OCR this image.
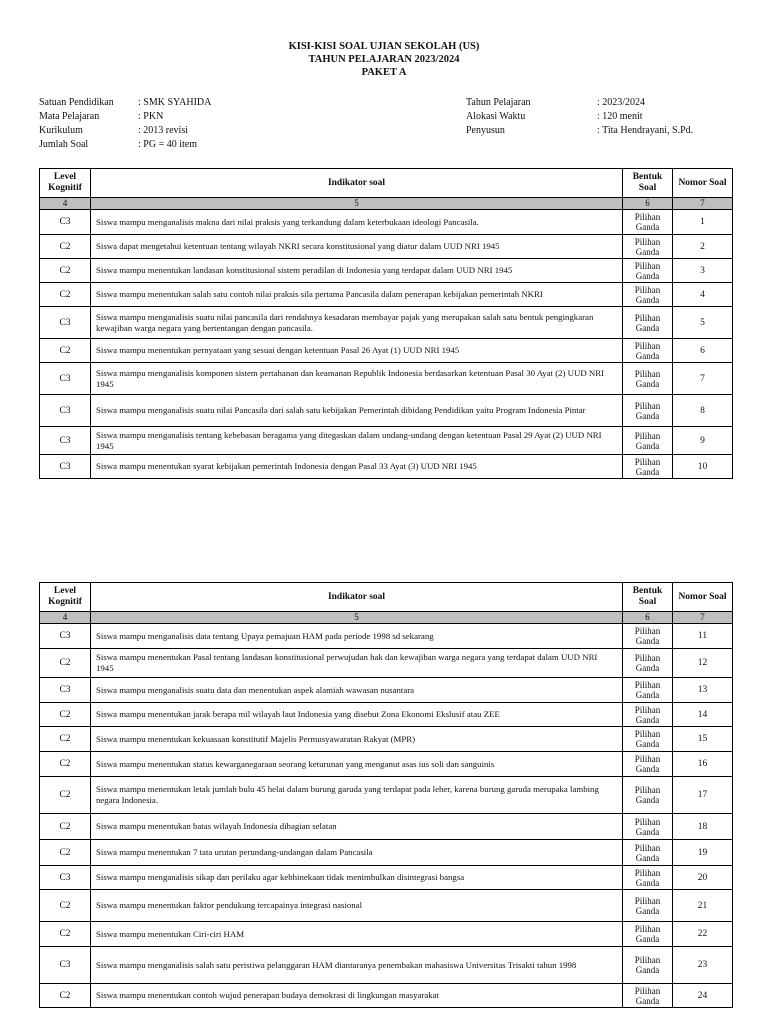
KISI-KISI SOAL UJIAN SEKOLAH (US)
TAHUN PELAJARAN 2023/2024
PAKET A
Satuan Pendidikan	: SMK SYAHIDA
Mata Pelajaran	: PKN
Kurikulum	: 2013 revisi
Jumlah Soal	: PG = 40 item
Tahun Pelajaran	: 2023/2024
Alokasi Waktu	: 120 menit
Penyusun	: Tita Hendrayani, S.Pd.
Level Kognitif	Indikator soal	Bentuk Soal	Nomor Soal
4	5	6	7
C3	Siswa mampu menganalisis makna dari nilai praksis yang terkandung dalam keterbukaan ideologi Pancasila.	Pilihan Ganda	1
C2	Siswa dapat mengetahui ketentuan tentang wilayah NKRI secara konstitusional yang diatur dalam UUD NRI 1945	Pilihan Ganda	2
C2	Siswa mampu menentukan landasan konstitusional sistem peradilan di Indonesia yang terdapat dalam UUD NRI 1945	Pilihan Ganda	3
C2	Siswa mampu menentukan salah satu contoh nilai praksis sila pertama Pancasila dalam penerapan kebijakan pemerintah NKRI	Pilihan Ganda	4
C3	Siswa mampu menganalisis suatu nilai pancasila dari rendahnya kesadaran membayar pajak yang merupakan salah satu bentuk pengingkaran kewajiban warga negara yang bertentangan dengan pancasila.	Pilihan Ganda	5
C2	Siswa mampu menentukan pernyataan yang sesuai dengan ketentuan Pasal 26 Ayat (1) UUD NRI 1945	Pilihan Ganda	6
C3	Siswa mampu menganalisis komponen sistem pertahanan dan keamanan Republik Indonesia berdasarkan ketentuan Pasal 30 Ayat (2) UUD NRI 1945	Pilihan Ganda	7
C3	Siswa mampu menganalisis suatu nilai Pancasila dari salah satu kebijakan Pemerintah dibidang Pendidikan yaitu Program Indonesia Pintar	Pilihan Ganda	8
C3	Siswa mampu menganalisis tentang kebebasan beragama yang ditegaskan dalam undang-undang dengan ketentuan Pasal 29 Ayat (2) UUD NRI 1945	Pilihan Ganda	9
C3	Siswa mampu menentukan syarat kebijakan pemerintah Indonesia dengan Pasal 33 Ayat (3) UUD NRI 1945	Pilihan Ganda	10
Level Kognitif	Indikator soal	Bentuk Soal	Nomor Soal
4	5	6	7
C3	Siswa mampu menganalisis data tentang Upaya pemajuan HAM pada periode 1998 sd sekarang	Pilihan Ganda	11
C2	Siswa mampu menentukan Pasal tentang landasan konstitusional perwujudan hak dan kewajiban warga negara yang terdapat dalam UUD NRI 1945	Pilihan Ganda	12
C3	Siswa mampu menganalisis suatu data dan menentukan aspek alamiah wawasan nusantara	Pilihan Ganda	13
C2	Siswa mampu menentukan jarak berapa mil wilayah laut Indonesia yang disebut Zona Ekonomi Ekslusif atau ZEE	Pilihan Ganda	14
C2	Siswa mampu menentukan kekuasaan konstitutif Majelis Permusyawaratan Rakyat (MPR)	Pilihan Ganda	15
C2	Siswa mampu menentukan status kewarganegaraan seorang keturunan yang menganut asas ius soli dan sanguinis	Pilihan Ganda	16
C2	Siswa mampu menentukan letak jumlah bulu 45 helai dalam burung garuda yang terdapat pada leher, karena burung garuda merupaka lambing negara Indonesia.	Pilihan Ganda	17
C2	Siswa mampu menentukan batas wilayah Indonesia dibagian selatan	Pilihan Ganda	18
C2	Siswa mampu menentukan 7 tata urutan perundang-undangan dalam Pancasila	Pilihan Ganda	19
C3	Siswa mampu menganalisis sikap dan perilaku agar kebhinekaan tidak menimbulkan disintegrasi bangsa	Pilihan Ganda	20
C2	Siswa mampu menentukan faktor pendukung tercapainya integrasi nasional	Pilihan Ganda	21
C2	Siswa mampu menentukan Ciri-ciri HAM	Pilihan Ganda	22
C3	Siswa mampu menganalisis salah satu peristiwa pelanggaran HAM diantaranya penembakan mahasiswa Universitas Trisakti tahun 1998	Pilihan Ganda	23
C2	Siswa mampu menentukan contoh wujud penerapan budaya demokrasi di lingkungan masyarakat	Pilihan Ganda	24
